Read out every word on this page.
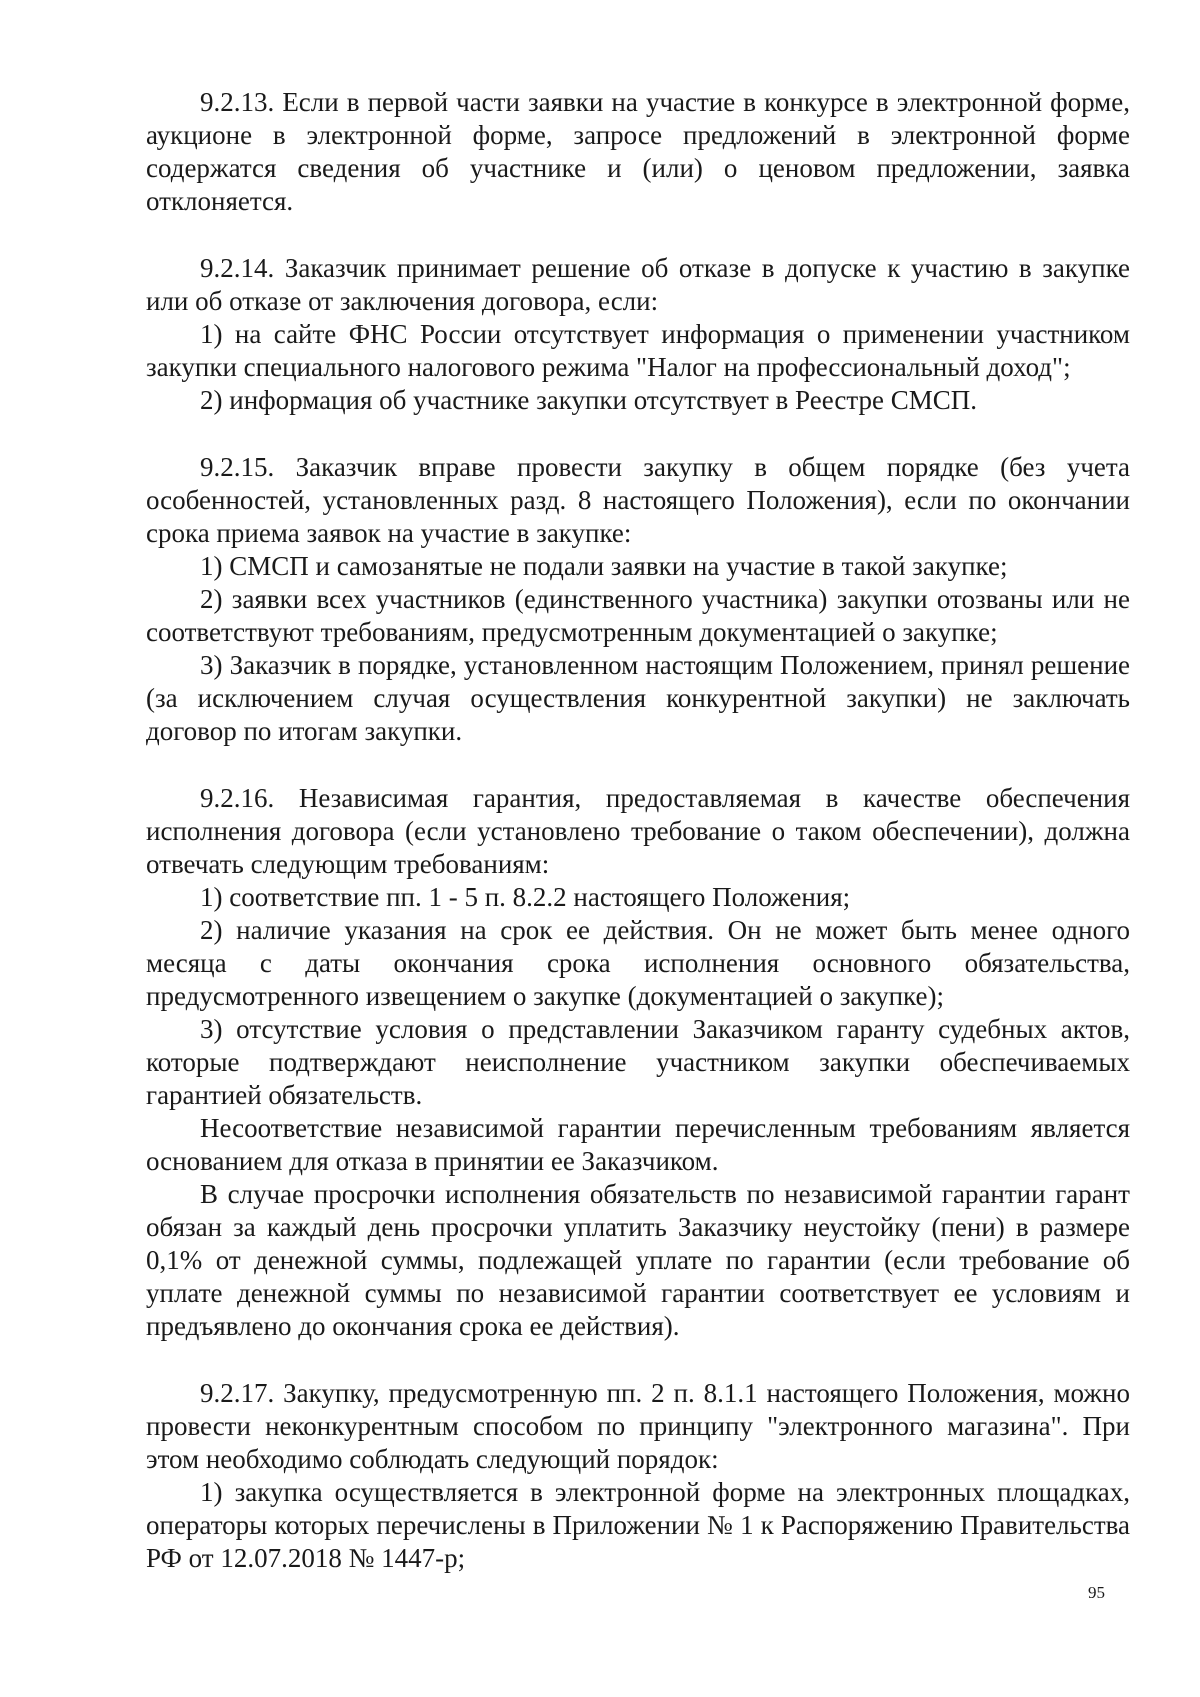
9.2.13. Если в первой части заявки на участие в конкурсе в электронной форме, аукционе в электронной форме, запросе предложений в электронной форме содержатся сведения об участнике и (или) о ценовом предложении, заявка отклоняется.

9.2.14. Заказчик принимает решение об отказе в допуске к участию в закупке или об отказе от заключения договора, если:

1) на сайте ФНС России отсутствует информация о применении участником закупки специального налогового режима "Налог на профессиональный доход";

2) информация об участнике закупки отсутствует в Реестре СМСП.

9.2.15. Заказчик вправе провести закупку в общем порядке (без учета особенностей, установленных разд. 8 настоящего Положения), если по окончании срока приема заявок на участие в закупке:

1) СМСП и самозанятые не подали заявки на участие в такой закупке;

2) заявки всех участников (единственного участника) закупки отозваны или не соответствуют требованиям, предусмотренным документацией о закупке;

3) Заказчик в порядке, установленном настоящим Положением, принял решение (за исключением случая осуществления конкурентной закупки) не заключать договор по итогам закупки.

9.2.16. Независимая гарантия, предоставляемая в качестве обеспечения исполнения договора (если установлено требование о таком обеспечении), должна отвечать следующим требованиям:

1) соответствие пп. 1 - 5 п. 8.2.2 настоящего Положения;

2) наличие указания на срок ее действия. Он не может быть менее одного месяца с даты окончания срока исполнения основного обязательства, предусмотренного извещением о закупке (документацией о закупке);

3) отсутствие условия о представлении Заказчиком гаранту судебных актов, которые подтверждают неисполнение участником закупки обеспечиваемых гарантией обязательств.

Несоответствие независимой гарантии перечисленным требованиям является основанием для отказа в принятии ее Заказчиком.

В случае просрочки исполнения обязательств по независимой гарантии гарант обязан за каждый день просрочки уплатить Заказчику неустойку (пени) в размере 0,1% от денежной суммы, подлежащей уплате по гарантии (если требование об уплате денежной суммы по независимой гарантии соответствует ее условиям и предъявлено до окончания срока ее действия).

9.2.17. Закупку, предусмотренную пп. 2 п. 8.1.1 настоящего Положения, можно провести неконкурентным способом по принципу "электронного магазина". При этом необходимо соблюдать следующий порядок:

1) закупка осуществляется в электронной форме на электронных площадках, операторы которых перечислены в Приложении № 1 к Распоряжению Правительства РФ от 12.07.2018 № 1447-р;

95
